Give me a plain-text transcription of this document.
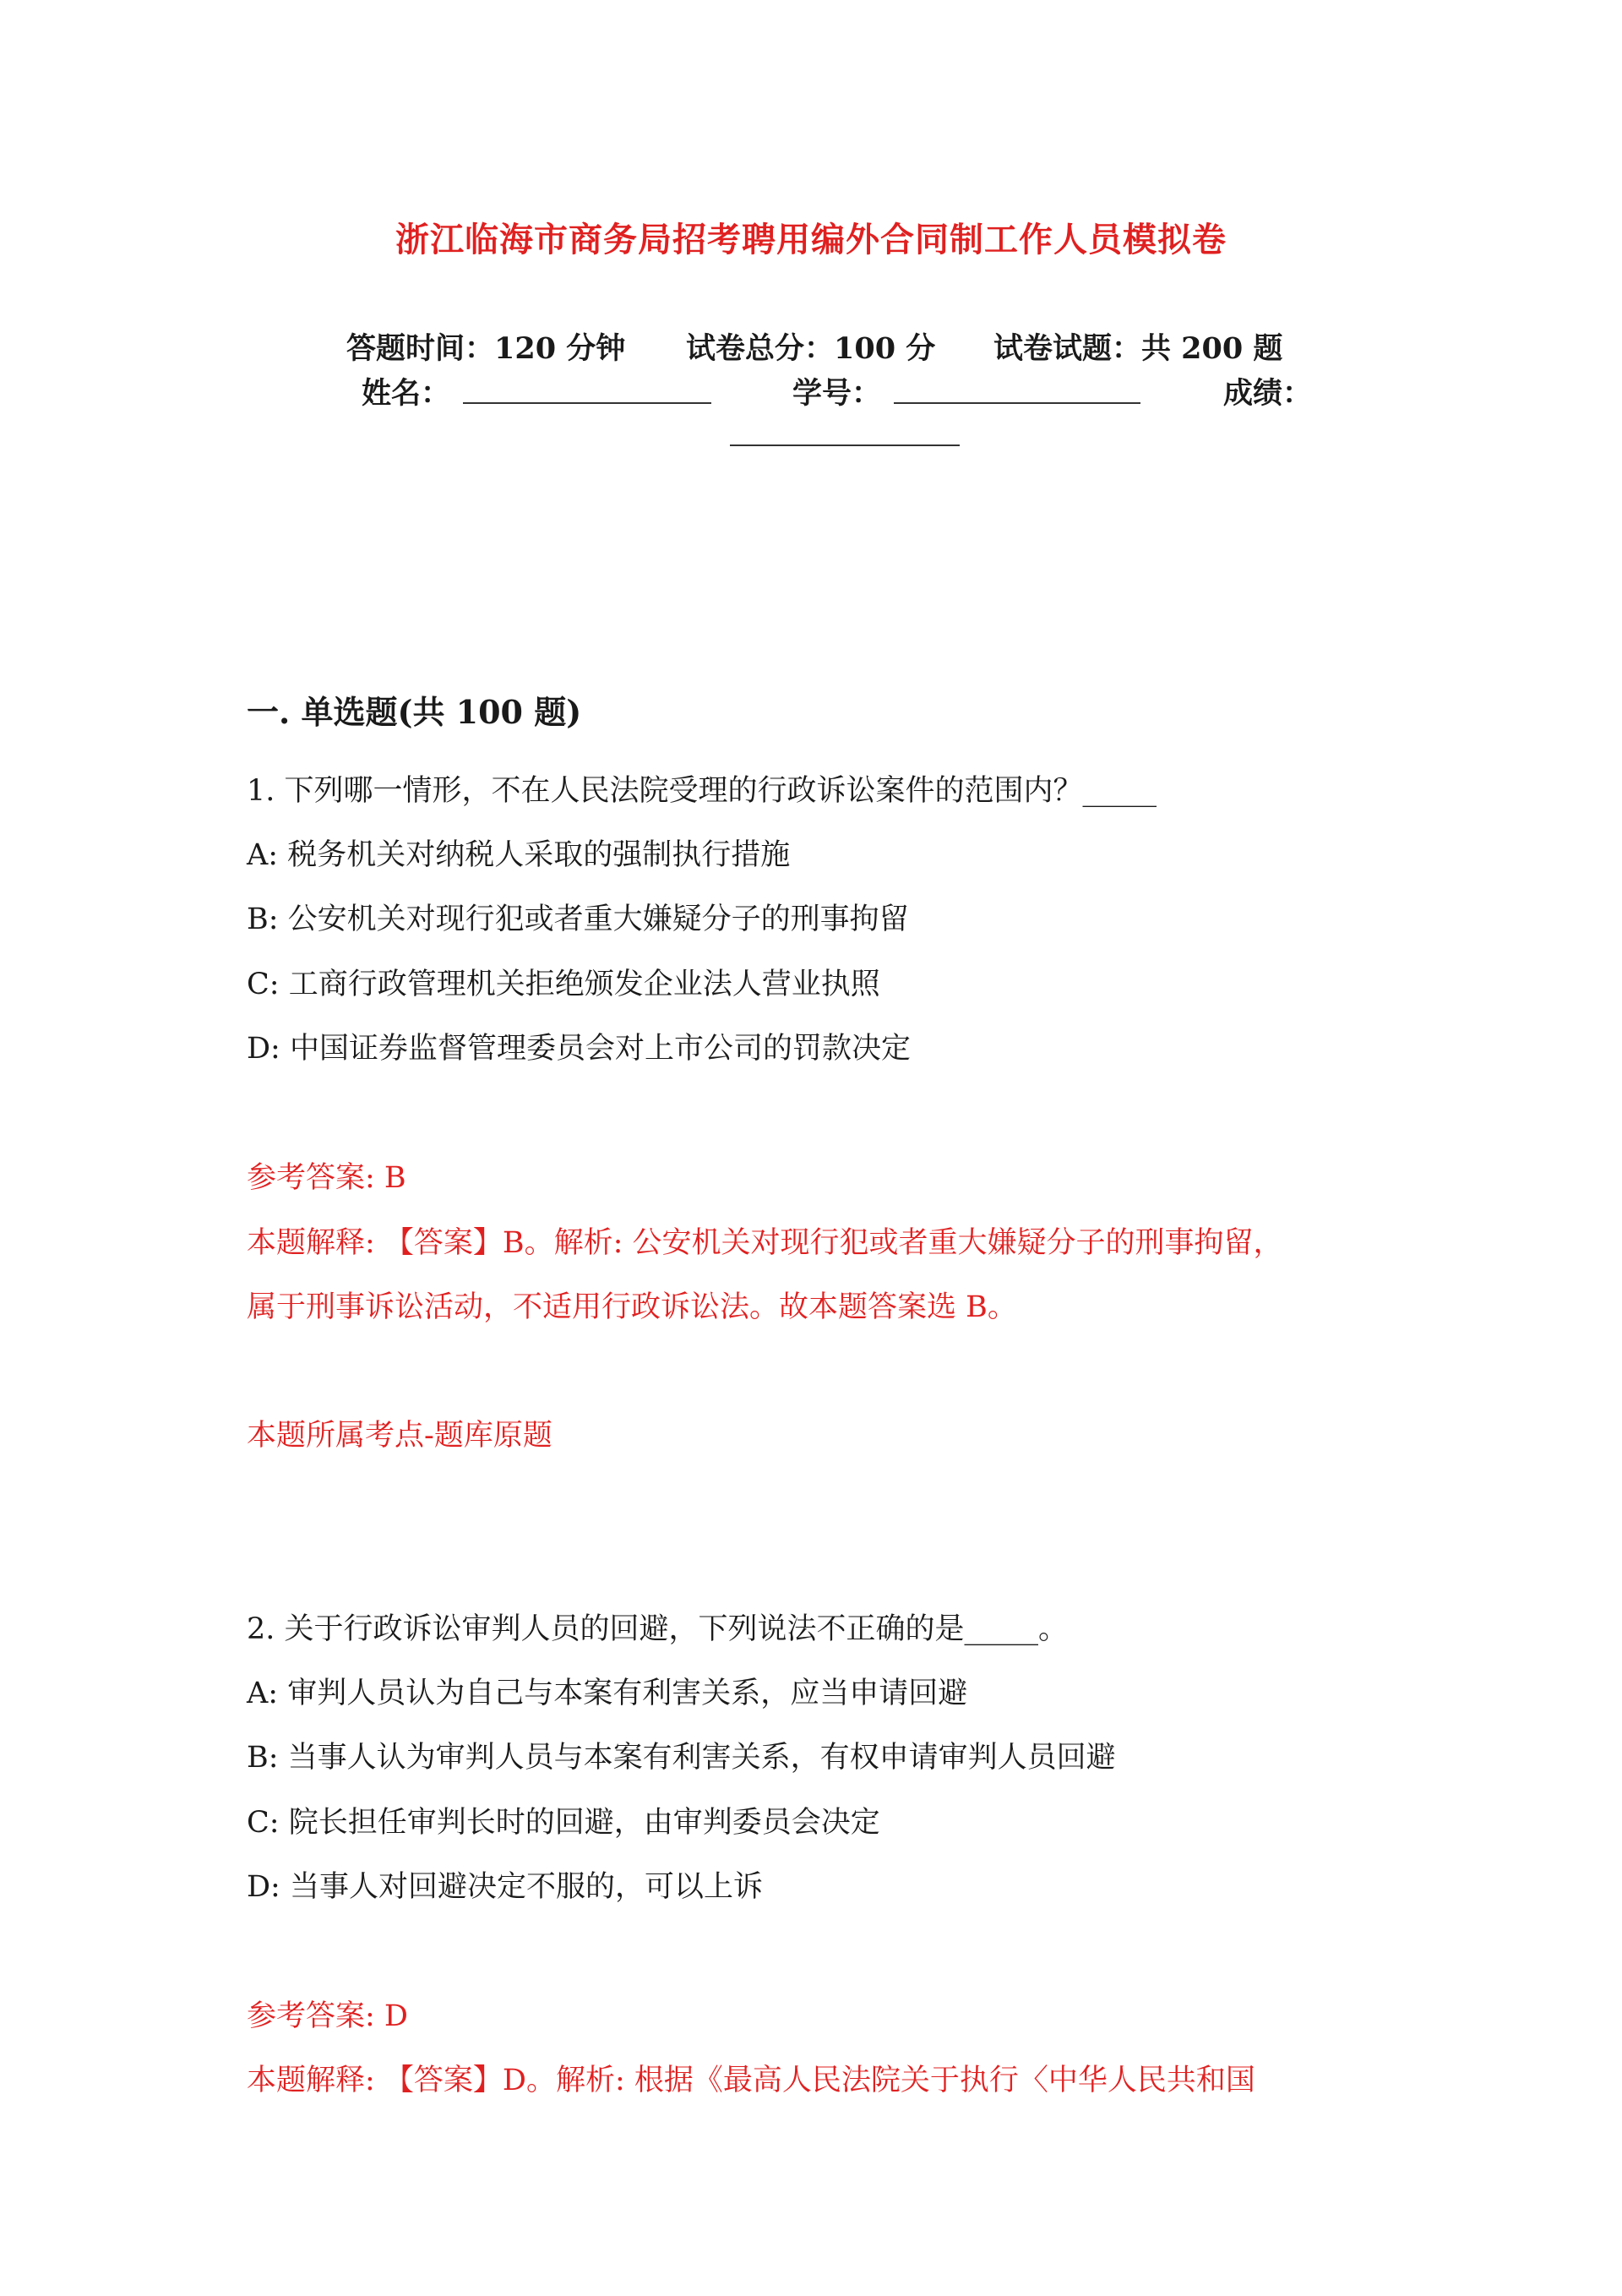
浙江临海市商务局招考聘用编外合同制工作人员模拟卷
答题时间：120 分钟 试卷总分：100 分 试卷试题：共 200 题
姓名：	学号：	成绩：
一. 单选题(共 100 题)
1. 下列哪一情形，不在人民法院受理的行政诉讼案件的范围内？_____
A: 税务机关对纳税人采取的强制执行措施
B: 公安机关对现行犯或者重大嫌疑分子的刑事拘留
C: 工商行政管理机关拒绝颁发企业法人营业执照
D: 中国证券监督管理委员会对上市公司的罚款决定
参考答案: B
本题解释: 【答案】B。解析: 公安机关对现行犯或者重大嫌疑分子的刑事拘留，
属于刑事诉讼活动，不适用行政诉讼法。故本题答案选 B。
本题所属考点-题库原题
2. 关于行政诉讼审判人员的回避，下列说法不正确的是_____。
A: 审判人员认为自己与本案有利害关系，应当申请回避
B: 当事人认为审判人员与本案有利害关系，有权申请审判人员回避
C: 院长担任审判长时的回避，由审判委员会决定
D: 当事人对回避决定不服的，可以上诉
参考答案: D
本题解释: 【答案】D。解析: 根据《最高人民法院关于执行〈中华人民共和国
